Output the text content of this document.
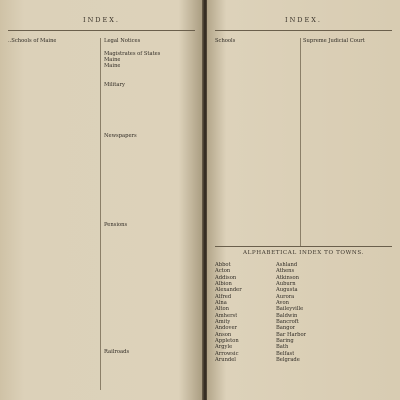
INDEX.
..Schools of Maine	Legal Notices
Magistrates of States
Maine
Maine
Military
Newspapers
Pensions
Railroads
INDEX.
Schools	Supreme Judicial Court
ALPHABETICAL INDEX TO TOWNS.
Abbot
Acton
Addison
Albion
Alexander
Alfred
Alna
Alton
Amherst
Amity
Andover
Anson
Appleton
Argyle
Arrowsic
Arundel
Ashland
Athens
Atkinson
Auburn
Augusta
Aurora
Avon
Baileyville
Baldwin
Bancroft
Bangor
Bar Harbor
Baring
Bath
Belfast
Belgrade
